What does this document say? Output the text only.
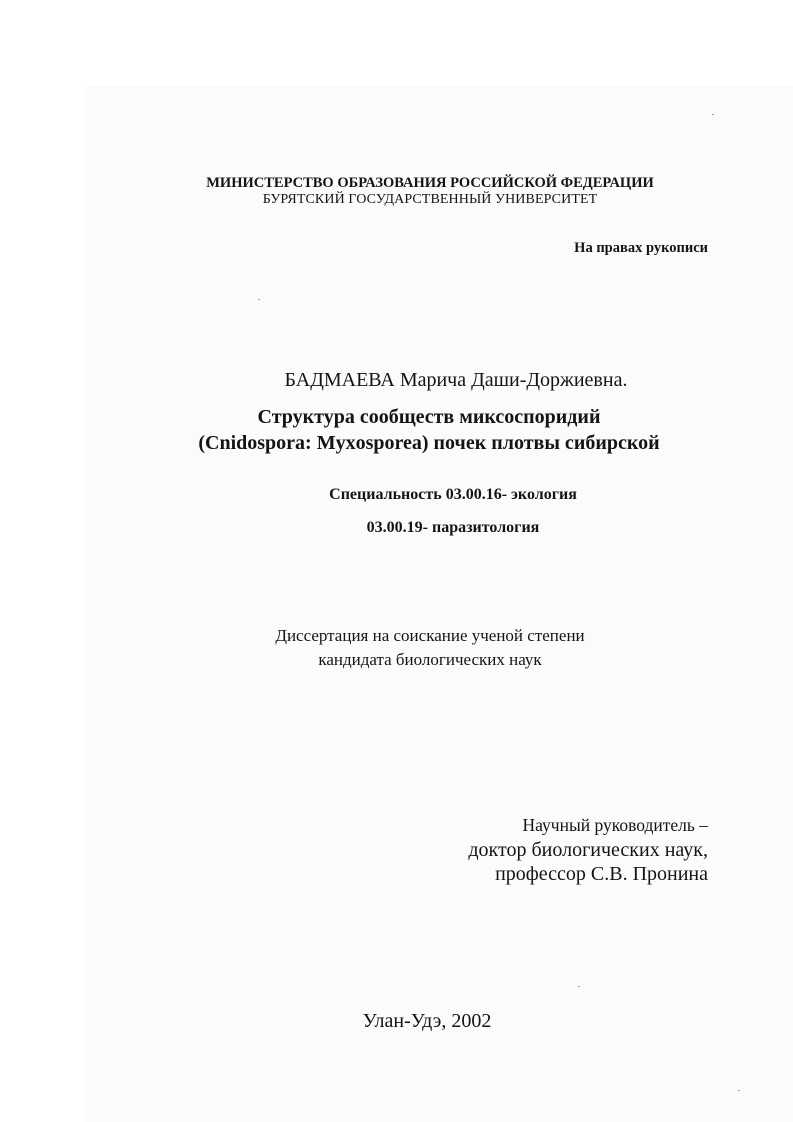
МИНИСТЕРСТВО ОБРАЗОВАНИЯ РОССИЙСКОЙ ФЕДЕРАЦИИ
БУРЯТСКИЙ ГОСУДАРСТВЕННЫЙ УНИВЕРСИТЕТ
На правах рукописи
БАДМАЕВА Марича Даши-Доржиевна.
Структура сообществ миксоспоридий
(Cnidospora: Myxosporea) почек плотвы сибирской
Специальность 03.00.16- экология
03.00.19- паразитология
Диссертация на соискание ученой степени
кандидата биологических наук
Научный руководитель –
доктор биологических наук,
профессор С.В. Пронина
Улан-Удэ, 2002
